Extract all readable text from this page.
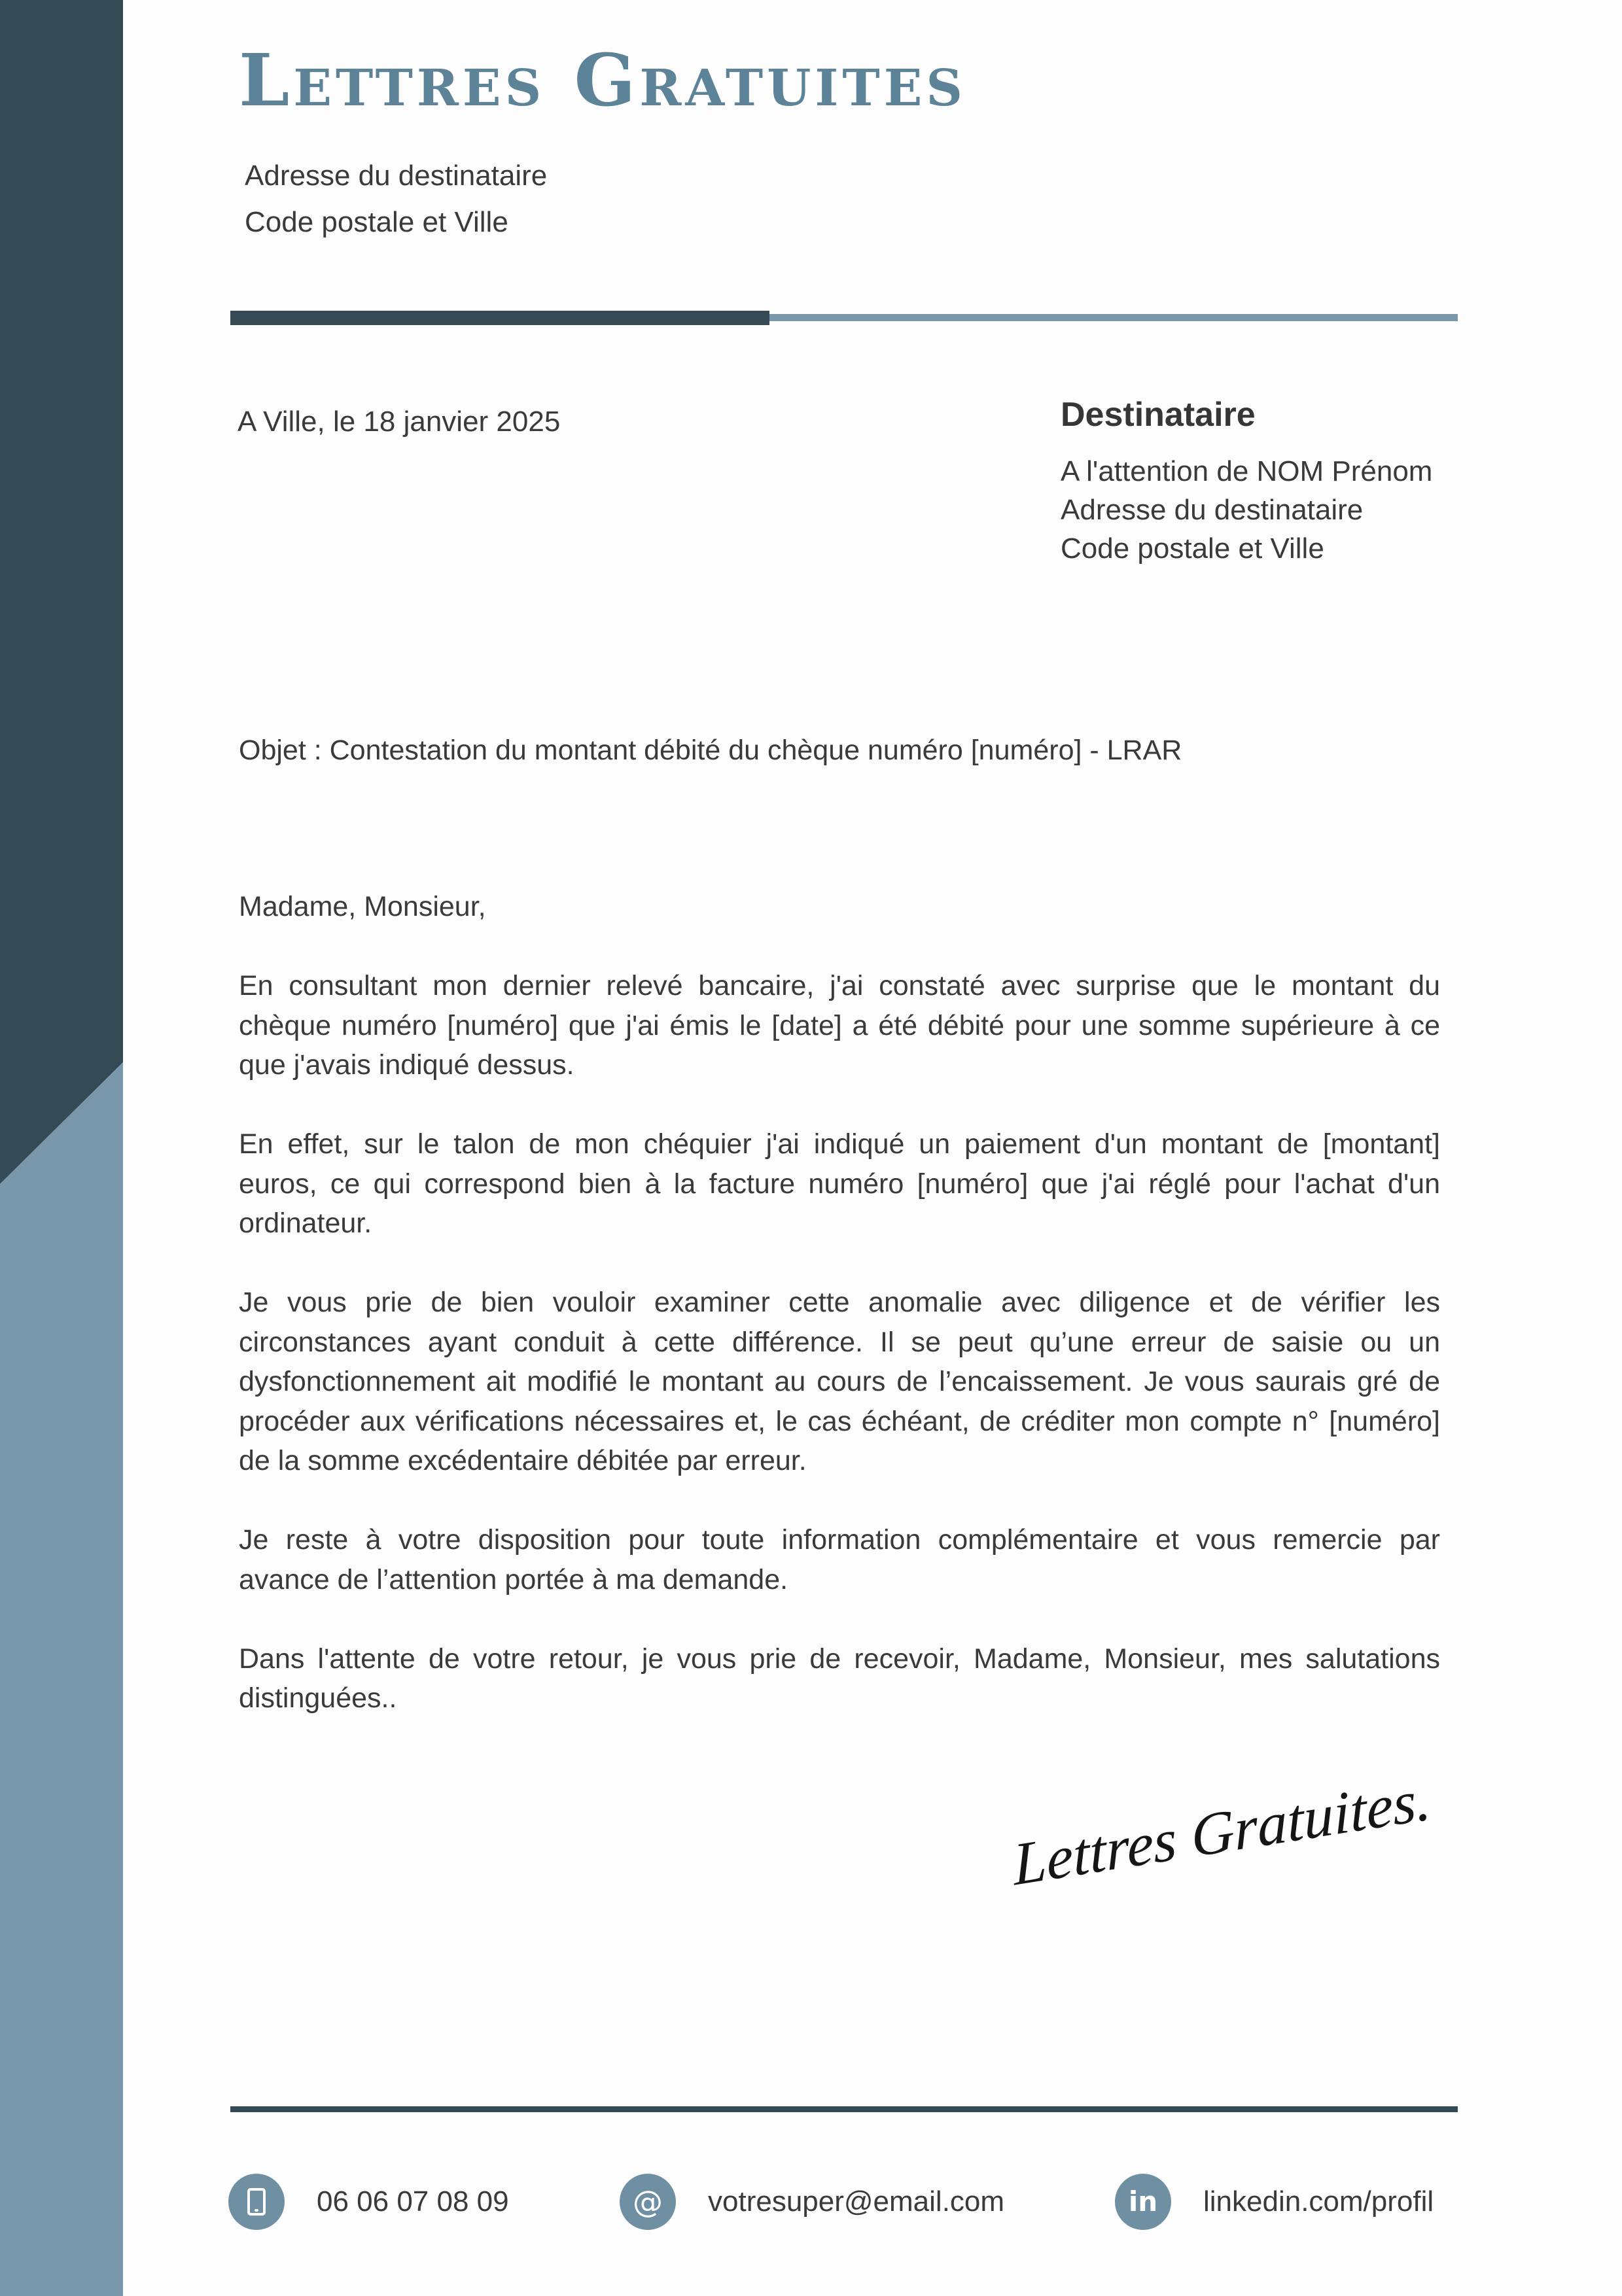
Lettres Gratuites
Adresse du destinataire
Code postale et Ville
A Ville, le 18 janvier 2025	Destinataire
A l'attention de NOM Prénom
Adresse du destinataire
Code postale et Ville
Objet : Contestation du montant débité du chèque numéro [numéro] - LRAR
Madame, Monsieur,
En consultant mon dernier relevé bancaire, j'ai constaté avec surprise que le montant du
chèque numéro [numéro] que j'ai émis le [date] a été débité pour une somme supérieure à ce
que j'avais indiqué dessus.
En effet, sur le talon de mon chéquier j'ai indiqué un paiement d'un montant de [montant]
euros, ce qui correspond bien à la facture numéro [numéro] que j'ai réglé pour l'achat d'un
ordinateur.
Je vous prie de bien vouloir examiner cette anomalie avec diligence et de vérifier les
circonstances ayant conduit à cette différence. Il se peut qu’une erreur de saisie ou un
dysfonctionnement ait modifié le montant au cours de l’encaissement. Je vous saurais gré de
procéder aux vérifications nécessaires et, le cas échéant, de créditer mon compte n° [numéro]
de la somme excédentaire débitée par erreur.
Je reste à votre disposition pour toute information complémentaire et vous remercie par
avance de l’attention portée à ma demande.
Dans l'attente de votre retour, je vous prie de recevoir, Madame, Monsieur, mes salutations
distinguées..
Lettres Gratuites.
06 06 07 08 09	@ votresuper@email.com	in linkedin.com/profil
